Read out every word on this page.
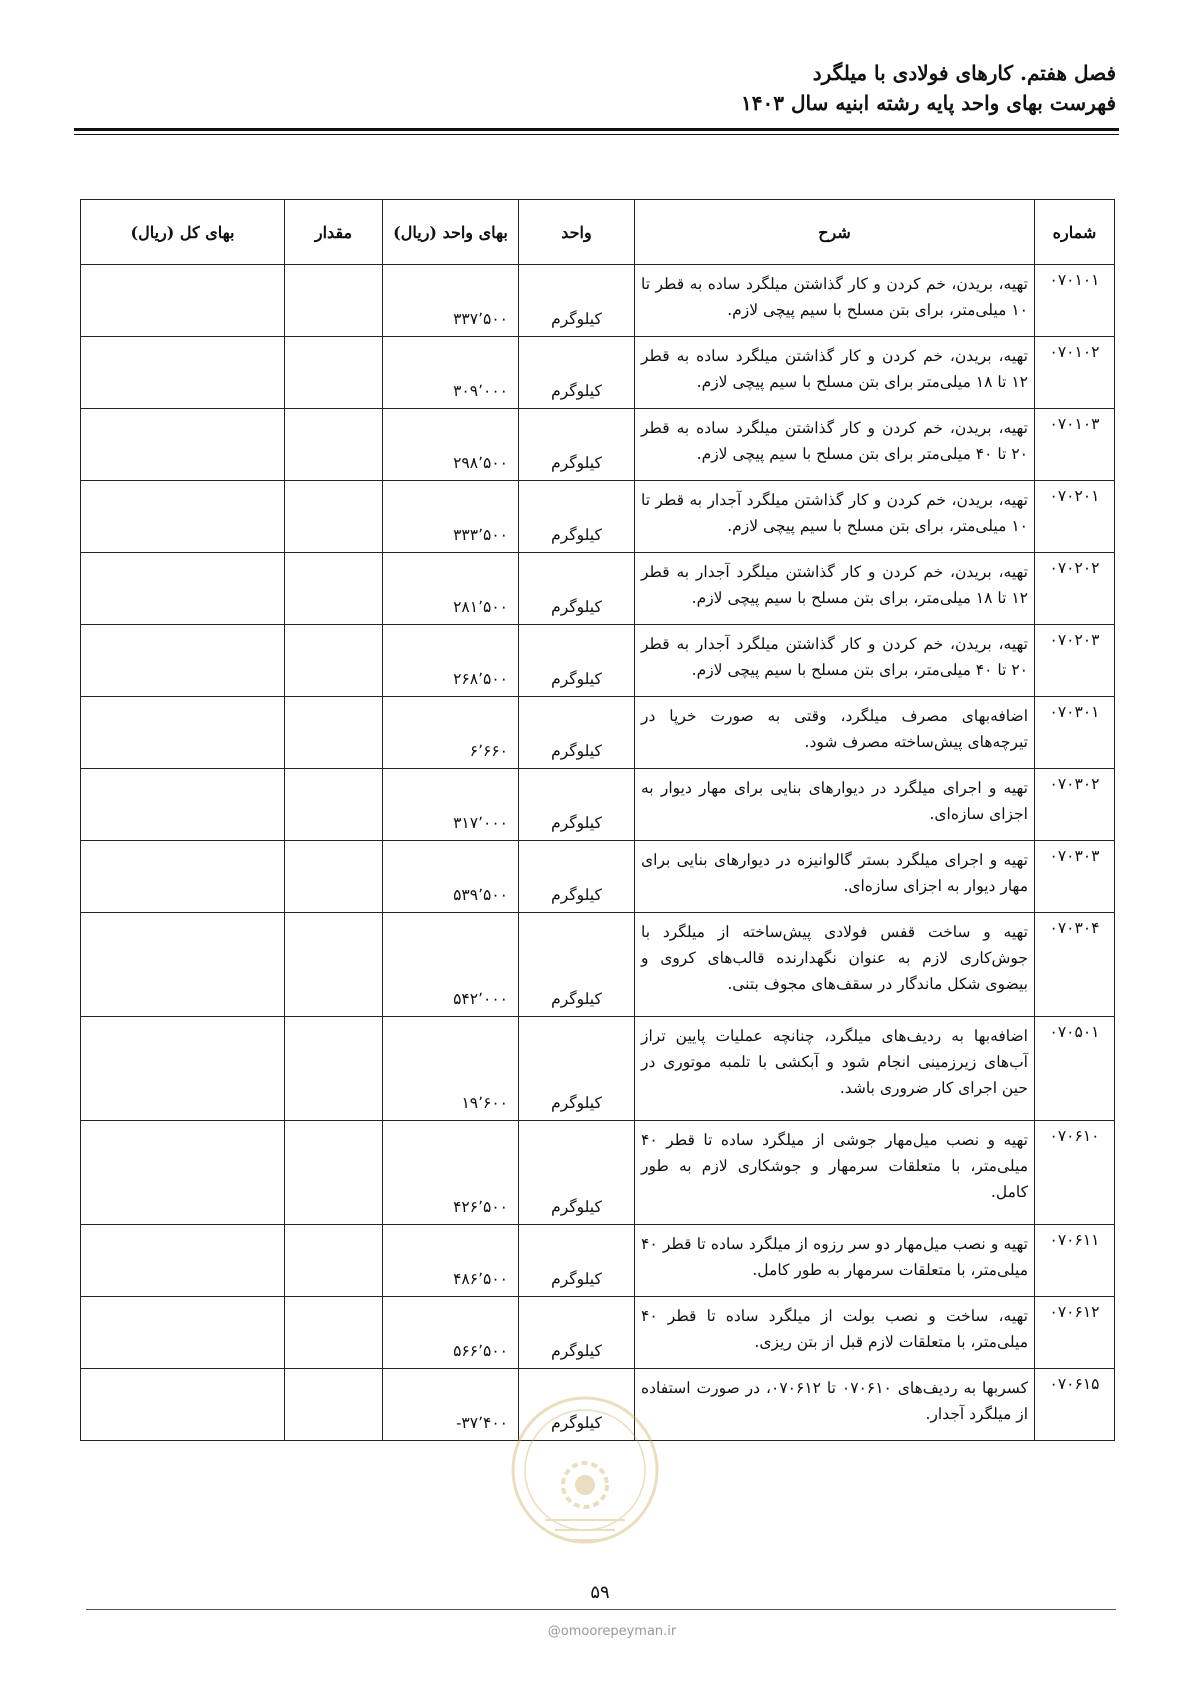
فصل هفتم. کارهای فولادی با میلگرد
فهرست بهای واحد پایه رشته ابنیه سال ۱۴۰۳
شماره	شرح	واحد	بهای واحد (ریال)	مقدار	بهای کل (ریال)
۰۷۰۱۰۱	تهیه، بریدن، خم کردن و کار گذاشتن میلگرد ساده به قطر تا ۱۰ میلی‌متر، برای بتن مسلح با سیم پیچی لازم.	کیلوگرم	۳۳۷٬۵۰۰		
۰۷۰۱۰۲	تهیه، بریدن، خم کردن و کار گذاشتن میلگرد ساده به قطر ۱۲ تا ۱۸ میلی‌متر برای بتن مسلح با سیم پیچی لازم.	کیلوگرم	۳۰۹٬۰۰۰		
۰۷۰۱۰۳	تهیه، بریدن، خم کردن و کار گذاشتن میلگرد ساده به قطر ۲۰ تا ۴۰ میلی‌متر برای بتن مسلح با سیم پیچی لازم.	کیلوگرم	۲۹۸٬۵۰۰		
۰۷۰۲۰۱	تهیه، بریدن، خم کردن و کار گذاشتن میلگرد آجدار به قطر تا ۱۰ میلی‌متر، برای بتن مسلح با سیم پیچی لازم.	کیلوگرم	۳۳۳٬۵۰۰		
۰۷۰۲۰۲	تهیه، بریدن، خم کردن و کار گذاشتن میلگرد آجدار به قطر ۱۲ تا ۱۸ میلی‌متر، برای بتن مسلح با سیم پیچی لازم.	کیلوگرم	۲۸۱٬۵۰۰		
۰۷۰۲۰۳	تهیه، بریدن، خم کردن و کار گذاشتن میلگرد آجدار به قطر ۲۰ تا ۴۰ میلی‌متر، برای بتن مسلح با سیم پیچی لازم.	کیلوگرم	۲۶۸٬۵۰۰		
۰۷۰۳۰۱	اضافه‌بهای مصرف میلگرد، وقتی به صورت خرپا در تیرچه‌های پیش‌ساخته مصرف شود.	کیلوگرم	۶٬۶۶۰		
۰۷۰۳۰۲	تهیه و اجرای میلگرد در دیوارهای بنایی برای مهار دیوار به اجزای سازه‌ای.	کیلوگرم	۳۱۷٬۰۰۰		
۰۷۰۳۰۳	تهیه و اجرای میلگرد بستر گالوانیزه در دیوارهای بنایی برای مهار دیوار به اجزای سازه‌ای.	کیلوگرم	۵۳۹٬۵۰۰		
۰۷۰۳۰۴	تهیه و ساخت قفس فولادی پیش‌ساخته از میلگرد با جوش‌کاری لازم به عنوان نگهدارنده قالب‌های کروی و بیضوی شکل ماندگار در سقف‌های مجوف بتنی.	کیلوگرم	۵۴۲٬۰۰۰		
۰۷۰۵۰۱	اضافه‌بها به ردیف‌های میلگرد، چنانچه عملیات پایین تراز آب‌های زیرزمینی انجام شود و آبکشی با تلمبه موتوری در حین اجرای کار ضروری باشد.	کیلوگرم	۱۹٬۶۰۰		
۰۷۰۶۱۰	تهیه و نصب میل‌مهار جوشی از میلگرد ساده تا قطر ۴۰ میلی‌متر، با متعلقات سرمهار و جوشکاری لازم به طور کامل.	کیلوگرم	۴۲۶٬۵۰۰		
۰۷۰۶۱۱	تهیه و نصب میل‌مهار دو سر رزوه از میلگرد ساده تا قطر ۴۰ میلی‌متر، با متعلقات سرمهار به طور کامل.	کیلوگرم	۴۸۶٬۵۰۰		
۰۷۰۶۱۲	تهیه، ساخت و نصب بولت از میلگرد ساده تا قطر ۴۰ میلی‌متر، با متعلقات لازم قبل از بتن ریزی.	کیلوگرم	۵۶۶٬۵۰۰		
۰۷۰۶۱۵	کسربها به ردیف‌های ۰۷۰۶۱۰ تا ۰۷۰۶۱۲، در صورت استفاده از میلگرد آجدار.	کیلوگرم	-۳۷٬۴۰۰		
۵۹
@omoorepeyman.ir
